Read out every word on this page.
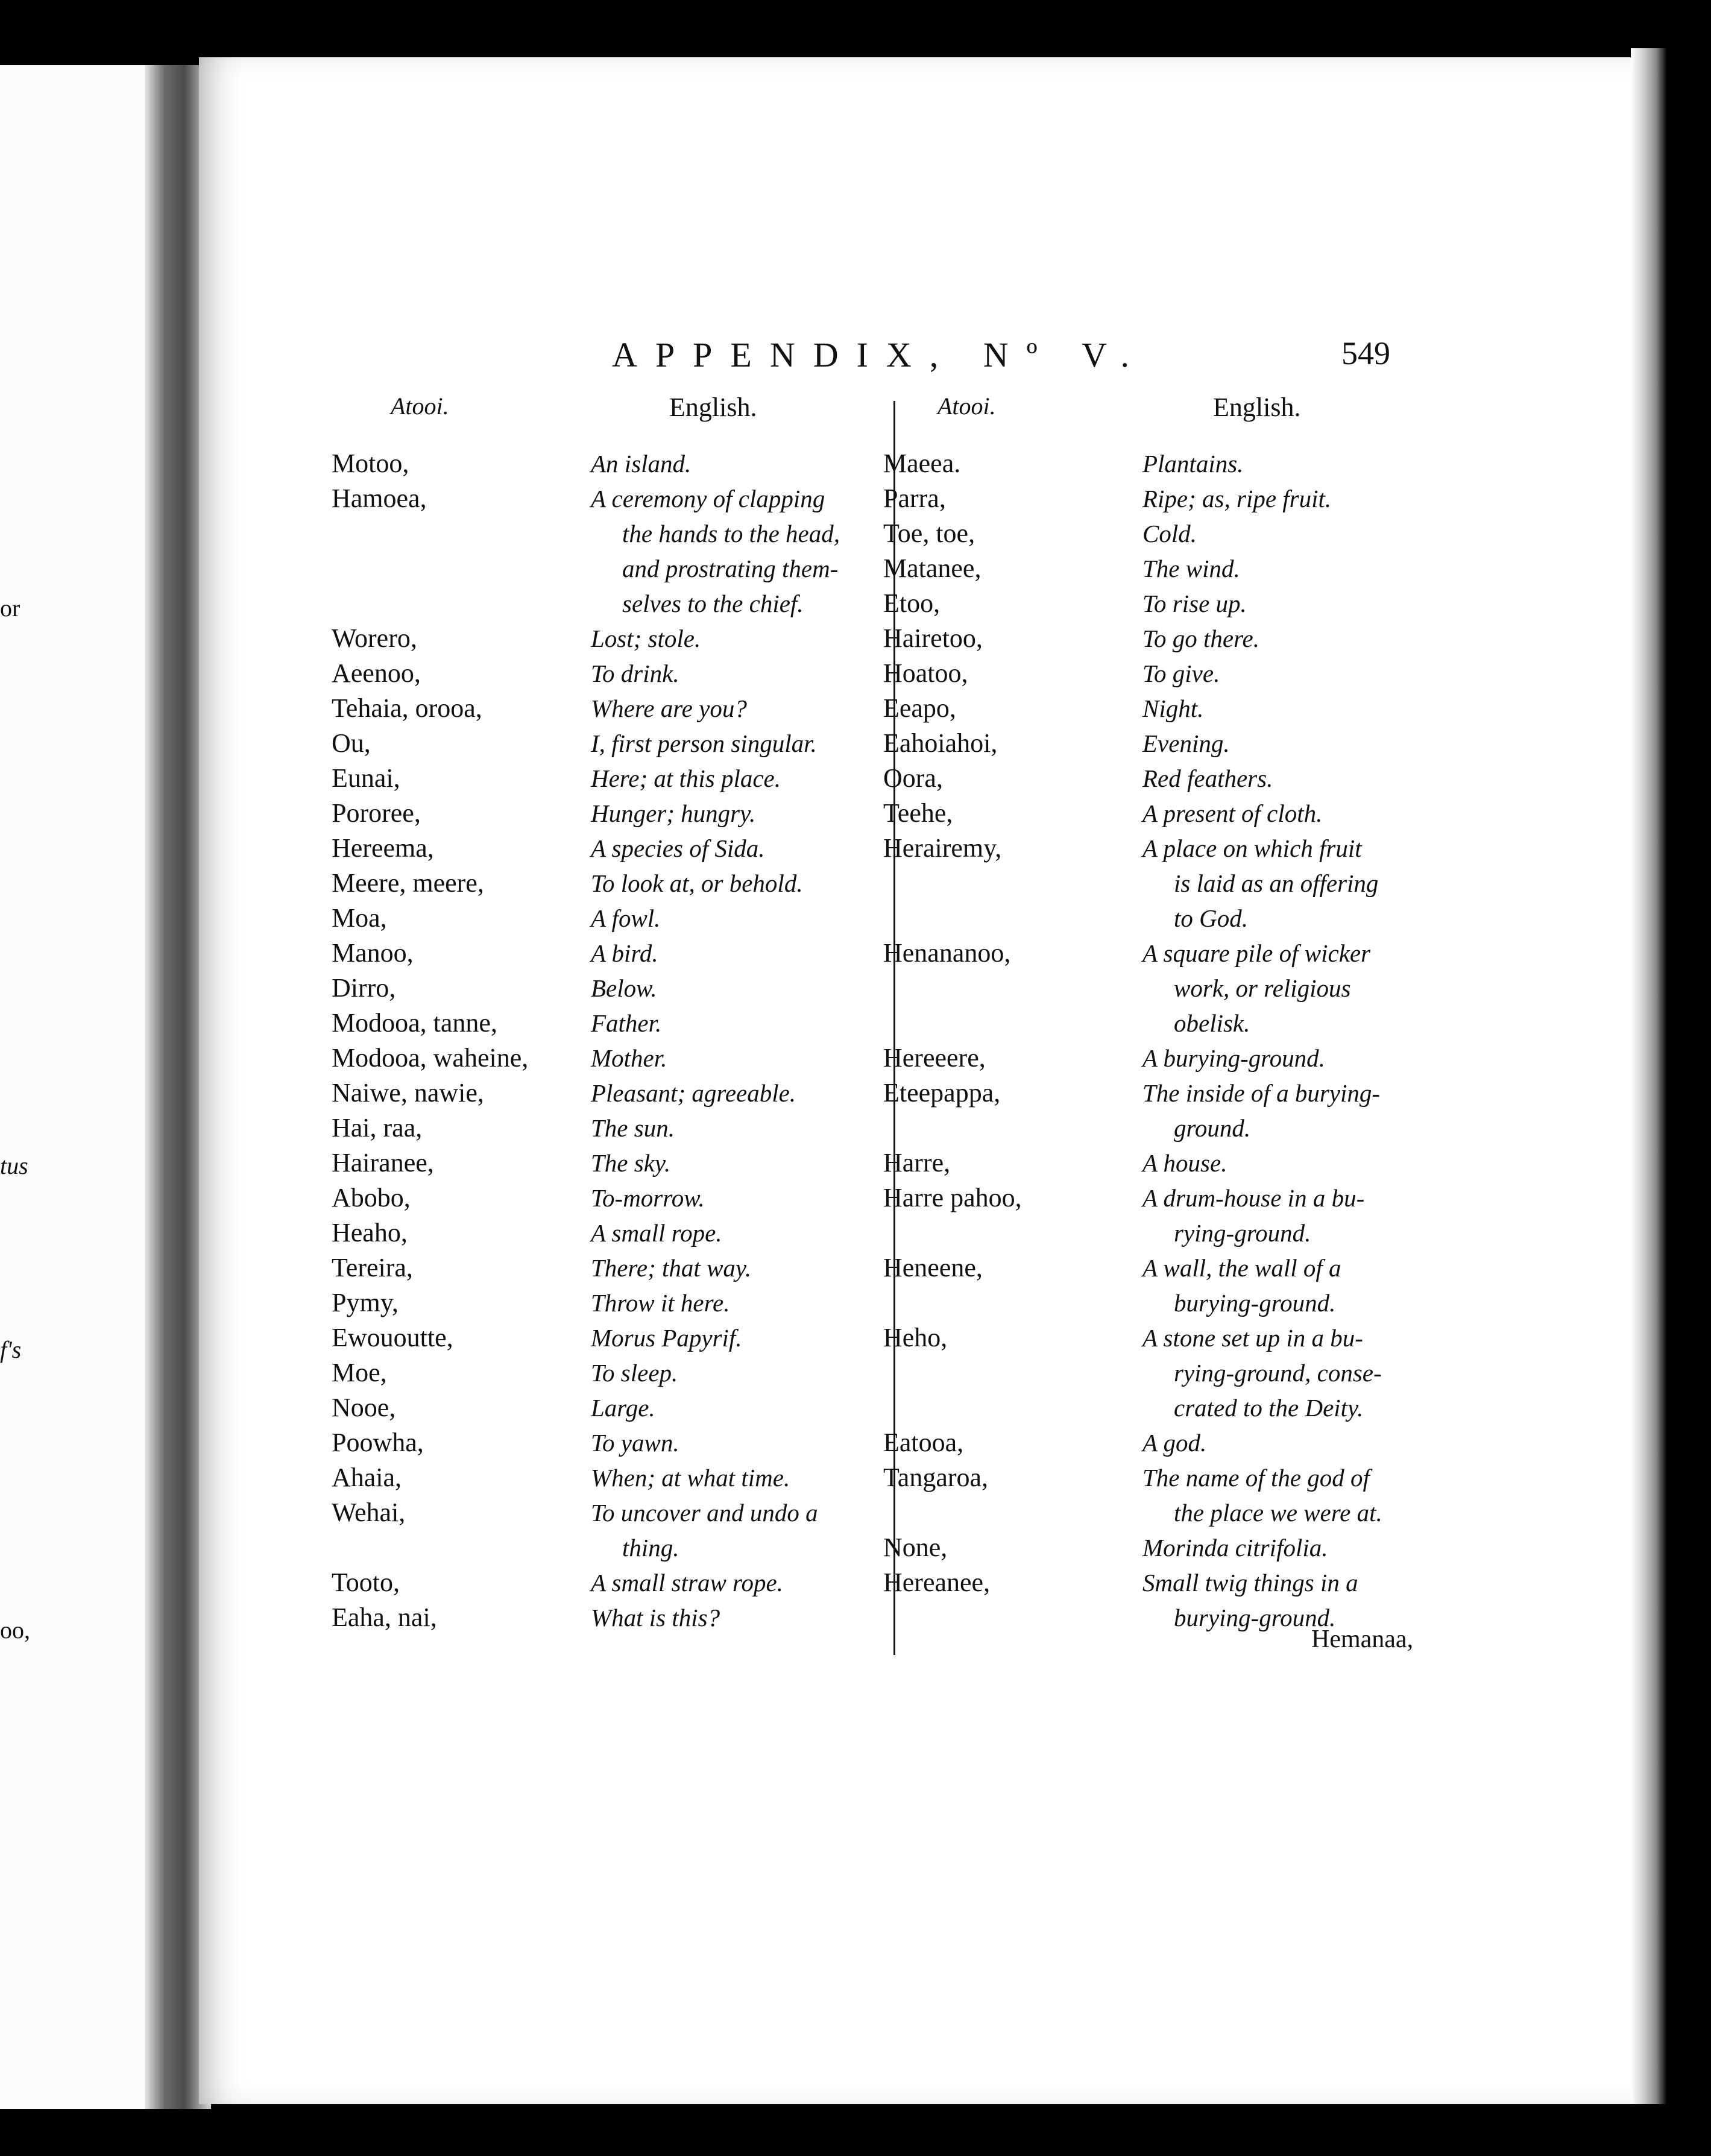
or
tus
f's
oo,
APPENDIX, Nº V.	549
Atooi.	English.	Atooi.	English.
Motoo,	An island.
Hamoea,	A ceremony of clapping
the hands to the head,
and prostrating them-
selves to the chief.
Worero,	Lost; stole.
Aeenoo,	To drink.
Tehaia, orooa,	Where are you?
Ou,	I, first person singular.
Eunai,	Here; at this place.
Pororee,	Hunger; hungry.
Hereema,	A species of Sida.
Meere, meere,	To look at, or behold.
Moa,	A fowl.
Manoo,	A bird.
Dirro,	Below.
Modooa, tanne,	Father.
Modooa, waheine,	Mother.
Naiwe, nawie,	Pleasant; agreeable.
Hai, raa,	The sun.
Hairanee,	The sky.
Abobo,	To-morrow.
Heaho,	A small rope.
Tereira,	There; that way.
Pymy,	Throw it here.
Ewououtte,	Morus Papyrif.
Moe,	To sleep.
Nooe,	Large.
Poowha,	To yawn.
Ahaia,	When; at what time.
Wehai,	To uncover and undo a
thing.
Tooto,	A small straw rope.
Eaha, nai,	What is this?
Maeea.	Plantains.
Parra,	Ripe; as, ripe fruit.
Toe, toe,	Cold.
Matanee,	The wind.
Etoo,	To rise up.
Hairetoo,	To go there.
Hoatoo,	To give.
Eeapo,	Night.
Eahoiahoi,	Evening.
Oora,	Red feathers.
Teehe,	A present of cloth.
Herairemy,	A place on which fruit
is laid as an offering
to God.
Henananoo,	A square pile of wicker
work, or religious
obelisk.
Hereeere,	A burying-ground.
Eteepappa,	The inside of a burying-
ground.
Harre,	A house.
Harre pahoo,	A drum-house in a bu-
rying-ground.
Heneene,	A wall, the wall of a
burying-ground.
Heho,	A stone set up in a bu-
rying-ground, conse-
crated to the Deity.
Eatooa,	A god.
Tangaroa,	The name of the god of
the place we were at.
None,	Morinda citrifolia.
Hereanee,	Small twig things in a
burying-ground.
Hemanaa,
